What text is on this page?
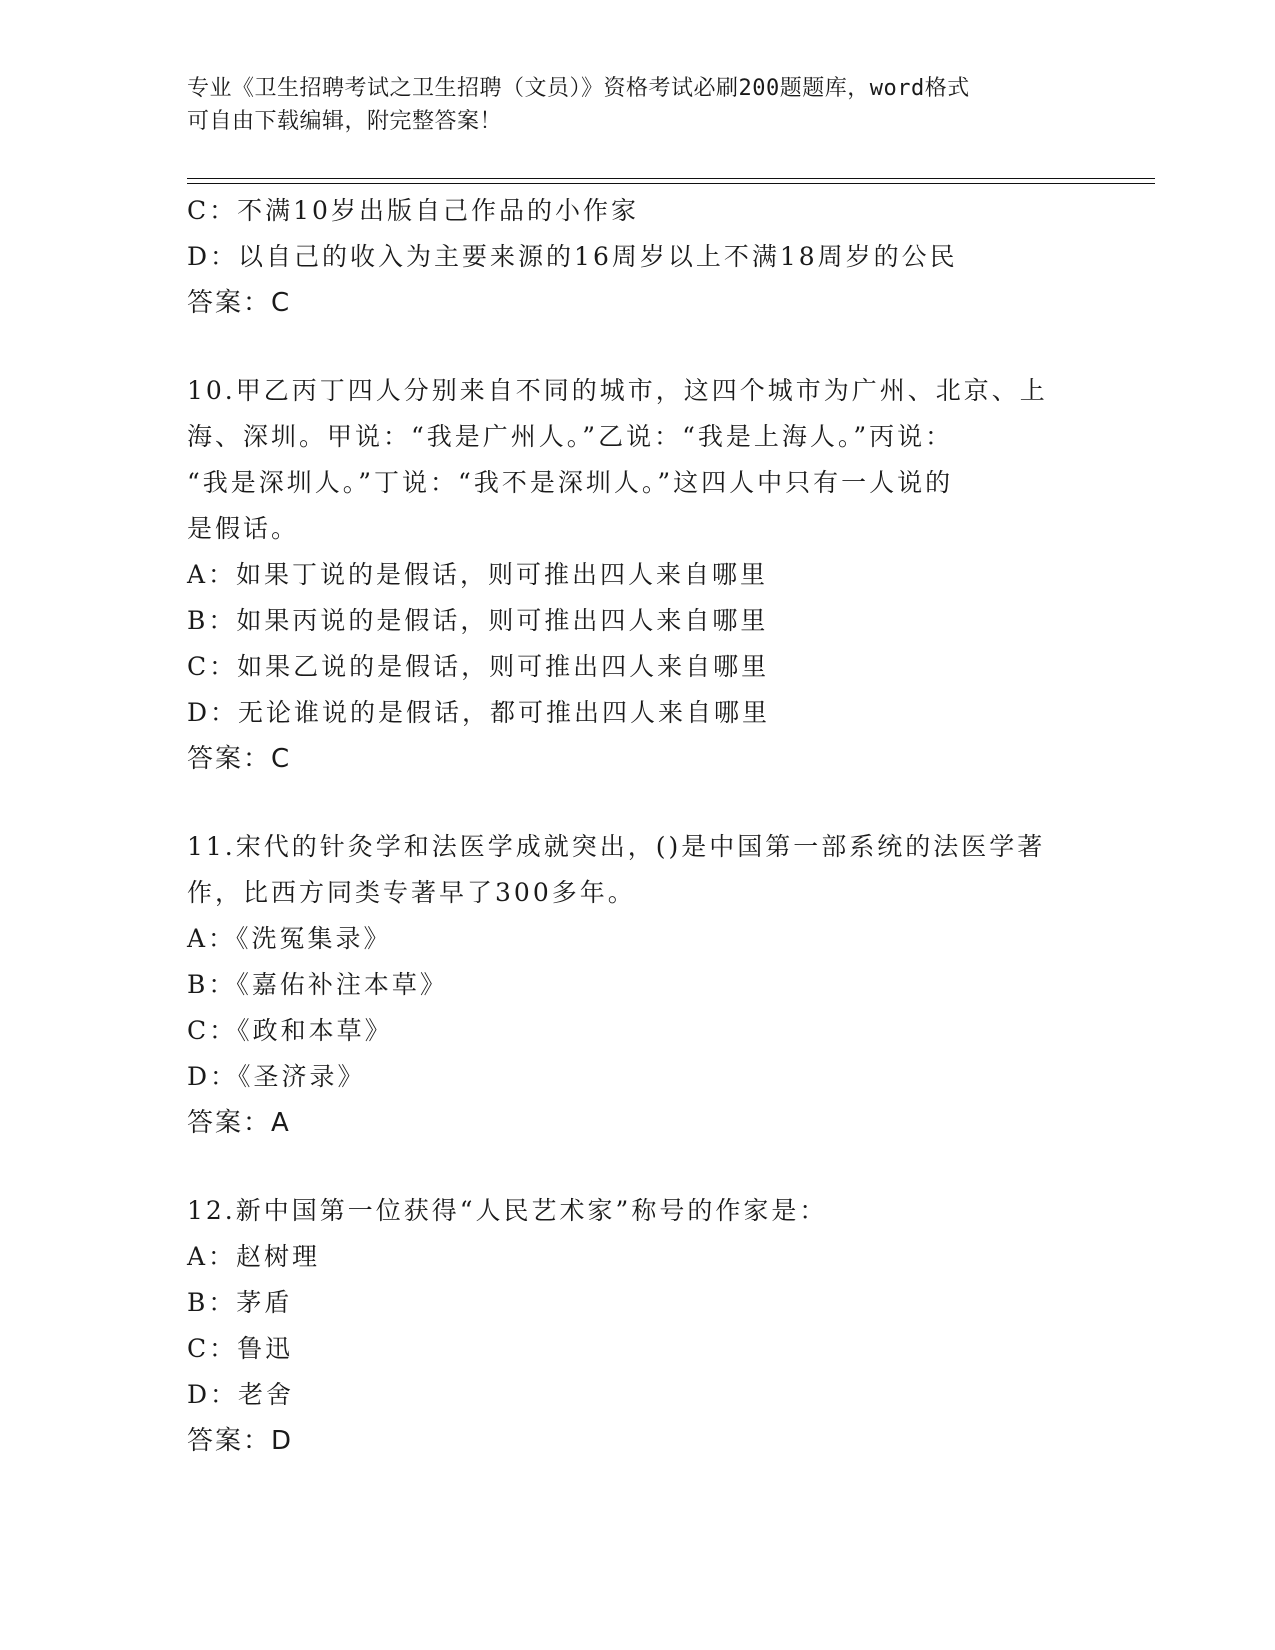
专业《卫生招聘考试之卫生招聘（文员）》资格考试必刷200题题库，word格式
可自由下载编辑，附完整答案！
C：不满10岁出版自己作品的小作家
D：以自己的收入为主要来源的16周岁以上不满18周岁的公民
答案：C
10.甲乙丙丁四人分别来自不同的城市，这四个城市为广州、北京、上
海、深圳。甲说：“我是广州人。”乙说：“我是上海人。”丙说：
“我是深圳人。”丁说：“我不是深圳人。”这四人中只有一人说的
是假话。
A：如果丁说的是假话，则可推出四人来自哪里
B：如果丙说的是假话，则可推出四人来自哪里
C：如果乙说的是假话，则可推出四人来自哪里
D：无论谁说的是假话，都可推出四人来自哪里
答案：C
11.宋代的针灸学和法医学成就突出，()是中国第一部系统的法医学著
作，比西方同类专著早了300多年。
A：《洗冤集录》
B：《嘉佑补注本草》
C：《政和本草》
D：《圣济录》
答案：A
12.新中国第一位获得“人民艺术家”称号的作家是：
A：赵树理
B：茅盾
C：鲁迅
D：老舍
答案：D
